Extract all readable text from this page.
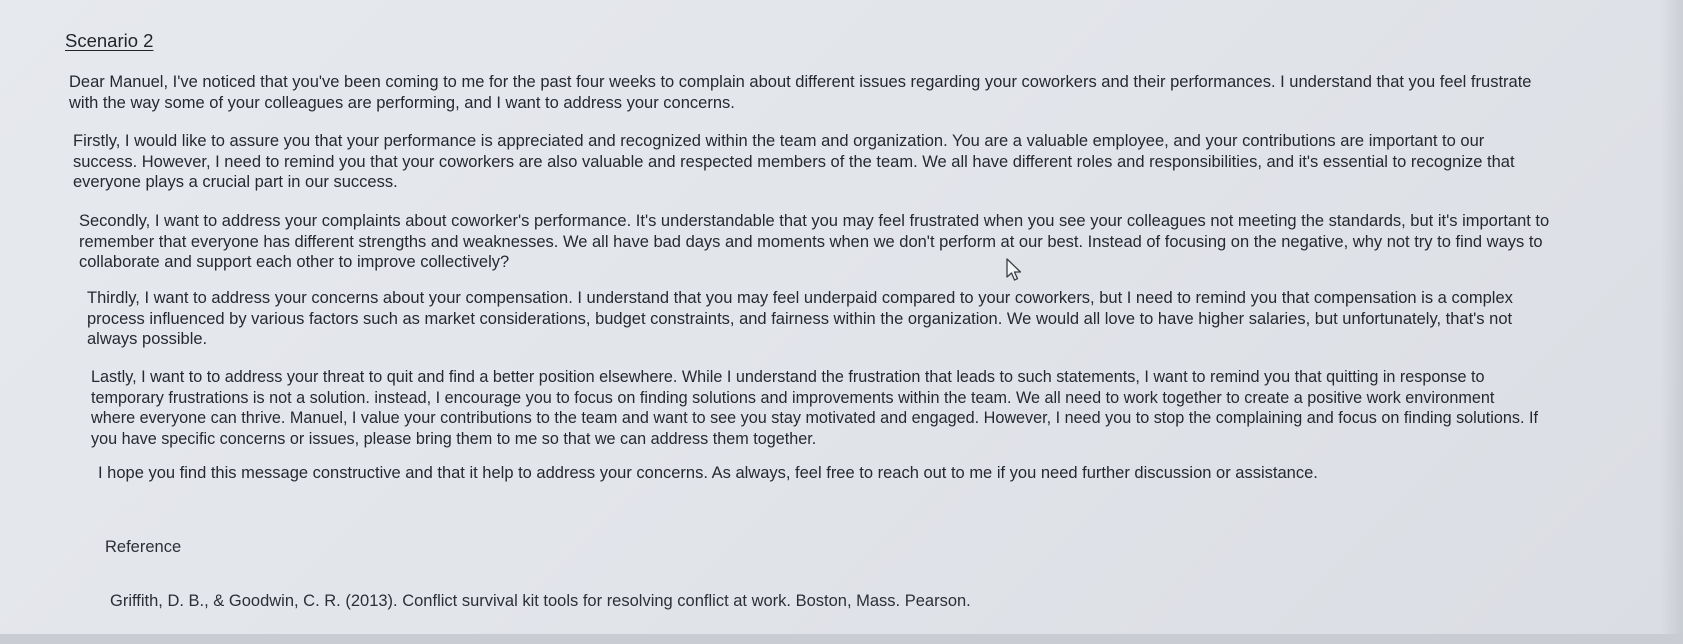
Scenario 2
Dear Manuel, I've noticed that you've been coming to me for the past four weeks to complain about different issues regarding your coworkers and their performances. I understand that you feel frustrate
with the way some of your colleagues are performing, and I want to address your concerns.
Firstly, I would like to assure you that your performance is appreciated and recognized within the team and organization. You are a valuable employee, and your contributions are important to our
success. However, I need to remind you that your coworkers are also valuable and respected members of the team. We all have different roles and responsibilities, and it's essential to recognize that
everyone plays a crucial part in our success.
Secondly, I want to address your complaints about coworker's performance. It's understandable that you may feel frustrated when you see your colleagues not meeting the standards, but it's important to
remember that everyone has different strengths and weaknesses. We all have bad days and moments when we don't perform at our best. Instead of focusing on the negative, why not try to find ways to
collaborate and support each other to improve collectively?
Thirdly, I want to address your concerns about your compensation. I understand that you may feel underpaid compared to your coworkers, but I need to remind you that compensation is a complex
process influenced by various factors such as market considerations, budget constraints, and fairness within the organization. We would all love to have higher salaries, but unfortunately, that's not
always possible.
Lastly, I want to to address your threat to quit and find a better position elsewhere. While I understand the frustration that leads to such statements, I want to remind you that quitting in response to
temporary frustrations is not a solution. instead, I encourage you to focus on finding solutions and improvements within the team. We all need to work together to create a positive work environment
where everyone can thrive. Manuel, I value your contributions to the team and want to see you stay motivated and engaged. However, I need you to stop the complaining and focus on finding solutions. If
you have specific concerns or issues, please bring them to me so that we can address them together.
I hope you find this message constructive and that it help to address your concerns. As always, feel free to reach out to me if you need further discussion or assistance.
Reference
Griffith, D. B., & Goodwin, C. R. (2013). Conflict survival kit tools for resolving conflict at work. Boston, Mass. Pearson.
